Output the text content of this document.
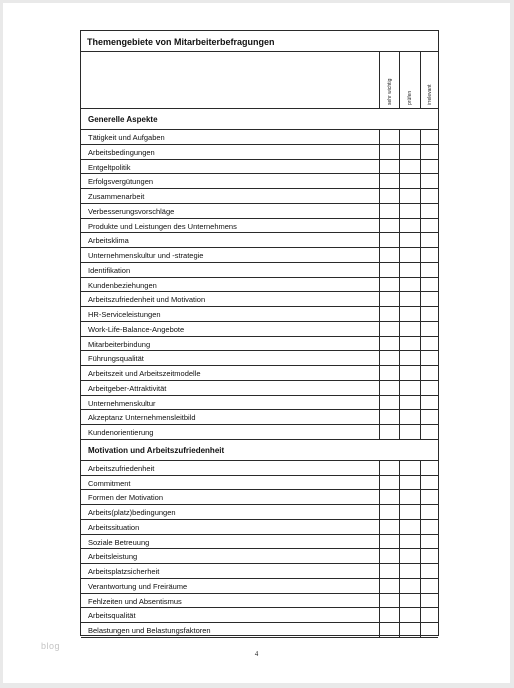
Themengebiete von Mitarbeiterbefragungen
sehr wichtig	prüfen	irrelevant
Generelle Aspekte
Tätigkeit und Aufgaben
Arbeitsbedingungen
Entgeltpolitik
Erfolgsvergütungen
Zusammenarbeit
Verbesserungsvorschläge
Produkte und Leistungen des Unternehmens
Arbeitsklima
Unternehmenskultur und -strategie
Identifikation
Kundenbeziehungen
Arbeitszufriedenheit und Motivation
HR-Serviceleistungen
Work-Life-Balance-Angebote
Mitarbeiterbindung
Führungsqualität
Arbeitszeit und Arbeitszeitmodelle
Arbeitgeber-Attraktivität
Unternehmenskultur
Akzeptanz Unternehmensleitbild
Kundenorientierung
Motivation und Arbeitszufriedenheit
Arbeitszufriedenheit
Commitment
Formen der Motivation
Arbeits(platz)bedingungen
Arbeitssituation
Soziale Betreuung
Arbeitsleistung
Arbeitsplatzsicherheit
Verantwortung und Freiräume
Fehlzeiten und Absentismus
Arbeitsqualität
Belastungen und Belastungsfaktoren
4
blog
